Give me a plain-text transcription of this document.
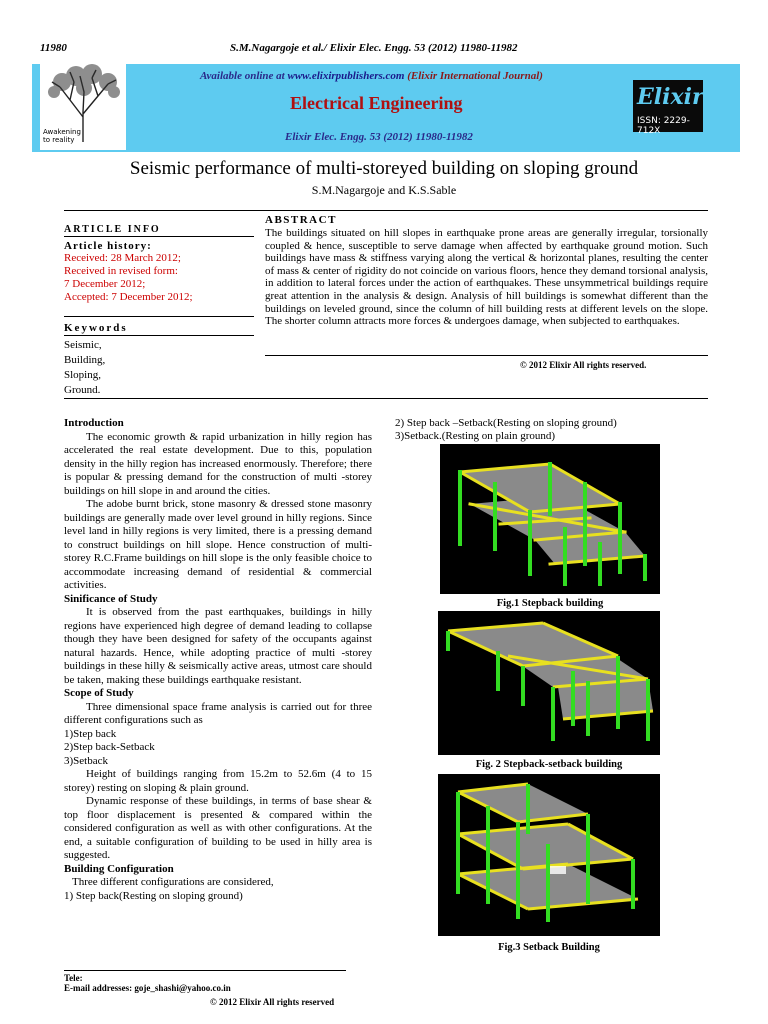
11980	S.M.Nagargoje et al./ Elixir Elec. Engg. 53 (2012) 11980-11982
Awakening
to reality
Available online at www.elixirpublishers.com (Elixir International Journal)
Electrical Engineering
Elixir Elec. Engg. 53 (2012) 11980-11982
Elixir
ISSN: 2229-712X
Seismic performance of multi-storeyed building on sloping ground
S.M.Nagargoje and K.S.Sable
ARTICLE INFO
Article history:
Received: 28 March 2012;
Received in revised form:
7 December 2012;
Accepted: 7 December 2012;
Keywords
Seismic,
Building,
Sloping,
Ground.
ABSTRACT
The buildings situated on hill slopes in earthquake prone areas are generally irregular, torsionally coupled & hence, susceptible to serve damage when affected by earthquake ground motion. Such buildings have mass & stiffness varying along the vertical & horizontal planes, resulting the center of mass & center of rigidity do not coincide on various floors, hence they demand torsional analysis, in addition to lateral forces under the action of earthquakes. These unsymmetrical buildings require great attention in the analysis & design. Analysis of hill buildings is somewhat different than the buildings on leveled ground, since the column of hill building rests at different levels on the slope. The shorter column attracts more forces & undergoes damage, when subjected to earthquakes.
© 2012 Elixir All rights reserved.
Introduction
The economic growth & rapid urbanization in hilly region has accelerated the real estate development. Due to this, population density in the hilly region has increased enormously. Therefore; there is popular & pressing demand for the construction of multi -storey buildings on hill slope in and around the cities.
The adobe burnt brick, stone masonry & dressed stone masonry buildings are generally made over level ground in hilly regions. Since level land in hilly regions is very limited, there is a pressing demand to construct buildings on hill slope. Hence construction of multi-storey R.C.Frame buildings on hill slope is the only feasible choice to accommodate increasing demand of residential & commercial activities.
Sinificance of Study
It is observed from the past earthquakes, buildings in hilly regions have experienced high degree of demand leading to collapse though they have been designed for safety of the occupants against natural hazards. Hence, while adopting practice of multi -storey buildings in these hilly & seismically active areas, utmost care should be taken, making these buildings earthquake resistant.
Scope of Study
Three dimensional space frame analysis is carried out for three different configurations such as
1)Step back
2)Step back-Setback
3)Setback
Height of buildings ranging from 15.2m to 52.6m (4 to 15 storey) resting on sloping & plain ground.
Dynamic response of these buildings, in terms of base shear & top floor displacement is presented & compared within the considered configuration as well as with other configurations. At the end, a suitable configuration of building to be used in hilly area is suggested.
Building Configuration
Three different configurations are considered,
1) Step back(Resting on sloping ground)
2) Step back –Setback(Resting on sloping ground)
3)Setback.(Resting on plain ground)
Fig.1 Stepback building
Fig. 2 Stepback-setback building
Fig.3 Setback Building
Tele:
E-mail addresses: goje_shashi@yahoo.co.in
© 2012 Elixir All rights reserved
